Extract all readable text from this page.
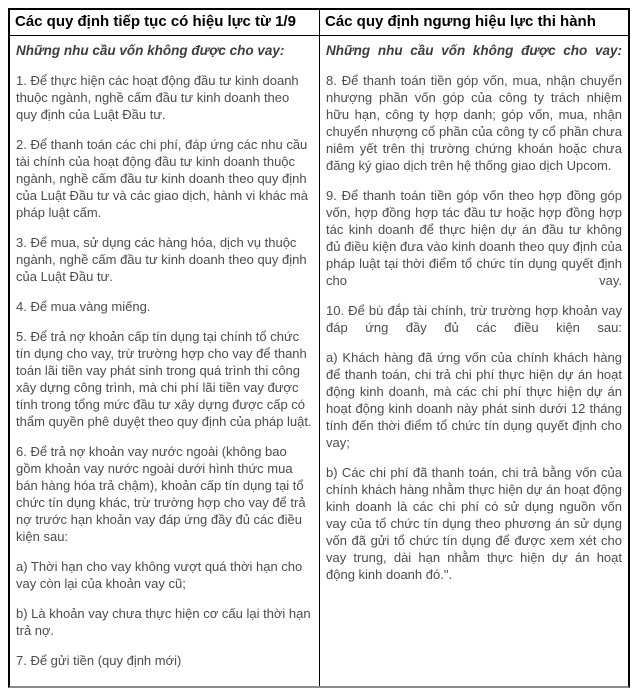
Các quy định tiếp tục có hiệu lực từ 1/9	Các quy định ngưng hiệu lực thi hành

Những nhu cầu vốn không được cho vay:

1. Để thực hiện các hoạt động đầu tư kinh doanh thuộc ngành, nghề cấm đầu tư kinh doanh theo quy định của Luật Đầu tư.

2. Để thanh toán các chi phí, đáp ứng các nhu cầu tài chính của hoạt động đầu tư kinh doanh thuộc ngành, nghề cấm đầu tư kinh doanh theo quy định của Luật Đầu tư và các giao dịch, hành vi khác mà pháp luật cấm.

3. Để mua, sử dụng các hàng hóa, dịch vụ thuộc ngành, nghề cấm đầu tư kinh doanh theo quy định của Luật Đầu tư.

4. Để mua vàng miếng.

5. Để trả nợ khoản cấp tín dụng tại chính tổ chức tín dụng cho vay, trừ trường hợp cho vay để thanh toán lãi tiền vay phát sinh trong quá trình thi công xây dựng công trình, mà chi phí lãi tiền vay được tính trong tổng mức đầu tư xây dựng được cấp có thẩm quyền phê duyệt theo quy định của pháp luật.

6. Để trả nợ khoản vay nước ngoài (không bao gồm khoản vay nước ngoài dưới hình thức mua bán hàng hóa trả chậm), khoản cấp tín dụng tại tổ chức tín dụng khác, trừ trường hợp cho vay để trả nợ trước hạn khoản vay đáp ứng đầy đủ các điều kiện sau:

a) Thời hạn cho vay không vượt quá thời hạn cho vay còn lại của khoản vay cũ;

b) Là khoản vay chưa thực hiện cơ cấu lại thời hạn trả nợ.

7. Để gửi tiền (quy định mới)

Những nhu cầu vốn không được cho vay:

8. Để thanh toán tiền góp vốn, mua, nhận chuyển nhượng phần vốn góp của công ty trách nhiệm hữu hạn, công ty hợp danh; góp vốn, mua, nhận chuyển nhượng cổ phần của công ty cổ phần chưa niêm yết trên thị trường chứng khoán hoặc chưa đăng ký giao dịch trên hệ thống giao dịch Upcom.

9. Để thanh toán tiền góp vốn theo hợp đồng góp vốn, hợp đồng hợp tác đầu tư hoặc hợp đồng hợp tác kinh doanh để thực hiện dự án đầu tư không đủ điều kiện đưa vào kinh doanh theo quy định của pháp luật tại thời điểm tổ chức tín dụng quyết định cho vay.

10. Để bù đắp tài chính, trừ trường hợp khoản vay đáp ứng đầy đủ các điều kiện sau:

a) Khách hàng đã ứng vốn của chính khách hàng để thanh toán, chi trả chi phí thực hiện dự án hoạt động kinh doanh, mà các chi phí thực hiện dự án hoạt động kinh doanh này phát sinh dưới 12 tháng tính đến thời điểm tổ chức tín dụng quyết định cho vay;

b) Các chi phí đã thanh toán, chi trả bằng vốn của chính khách hàng nhằm thực hiện dự án hoạt động kinh doanh là các chi phí có sử dụng nguồn vốn vay của tổ chức tín dụng theo phương án sử dụng vốn đã gửi tổ chức tín dụng để được xem xét cho vay trung, dài hạn nhằm thực hiện dự án hoạt động kinh doanh đó.".
